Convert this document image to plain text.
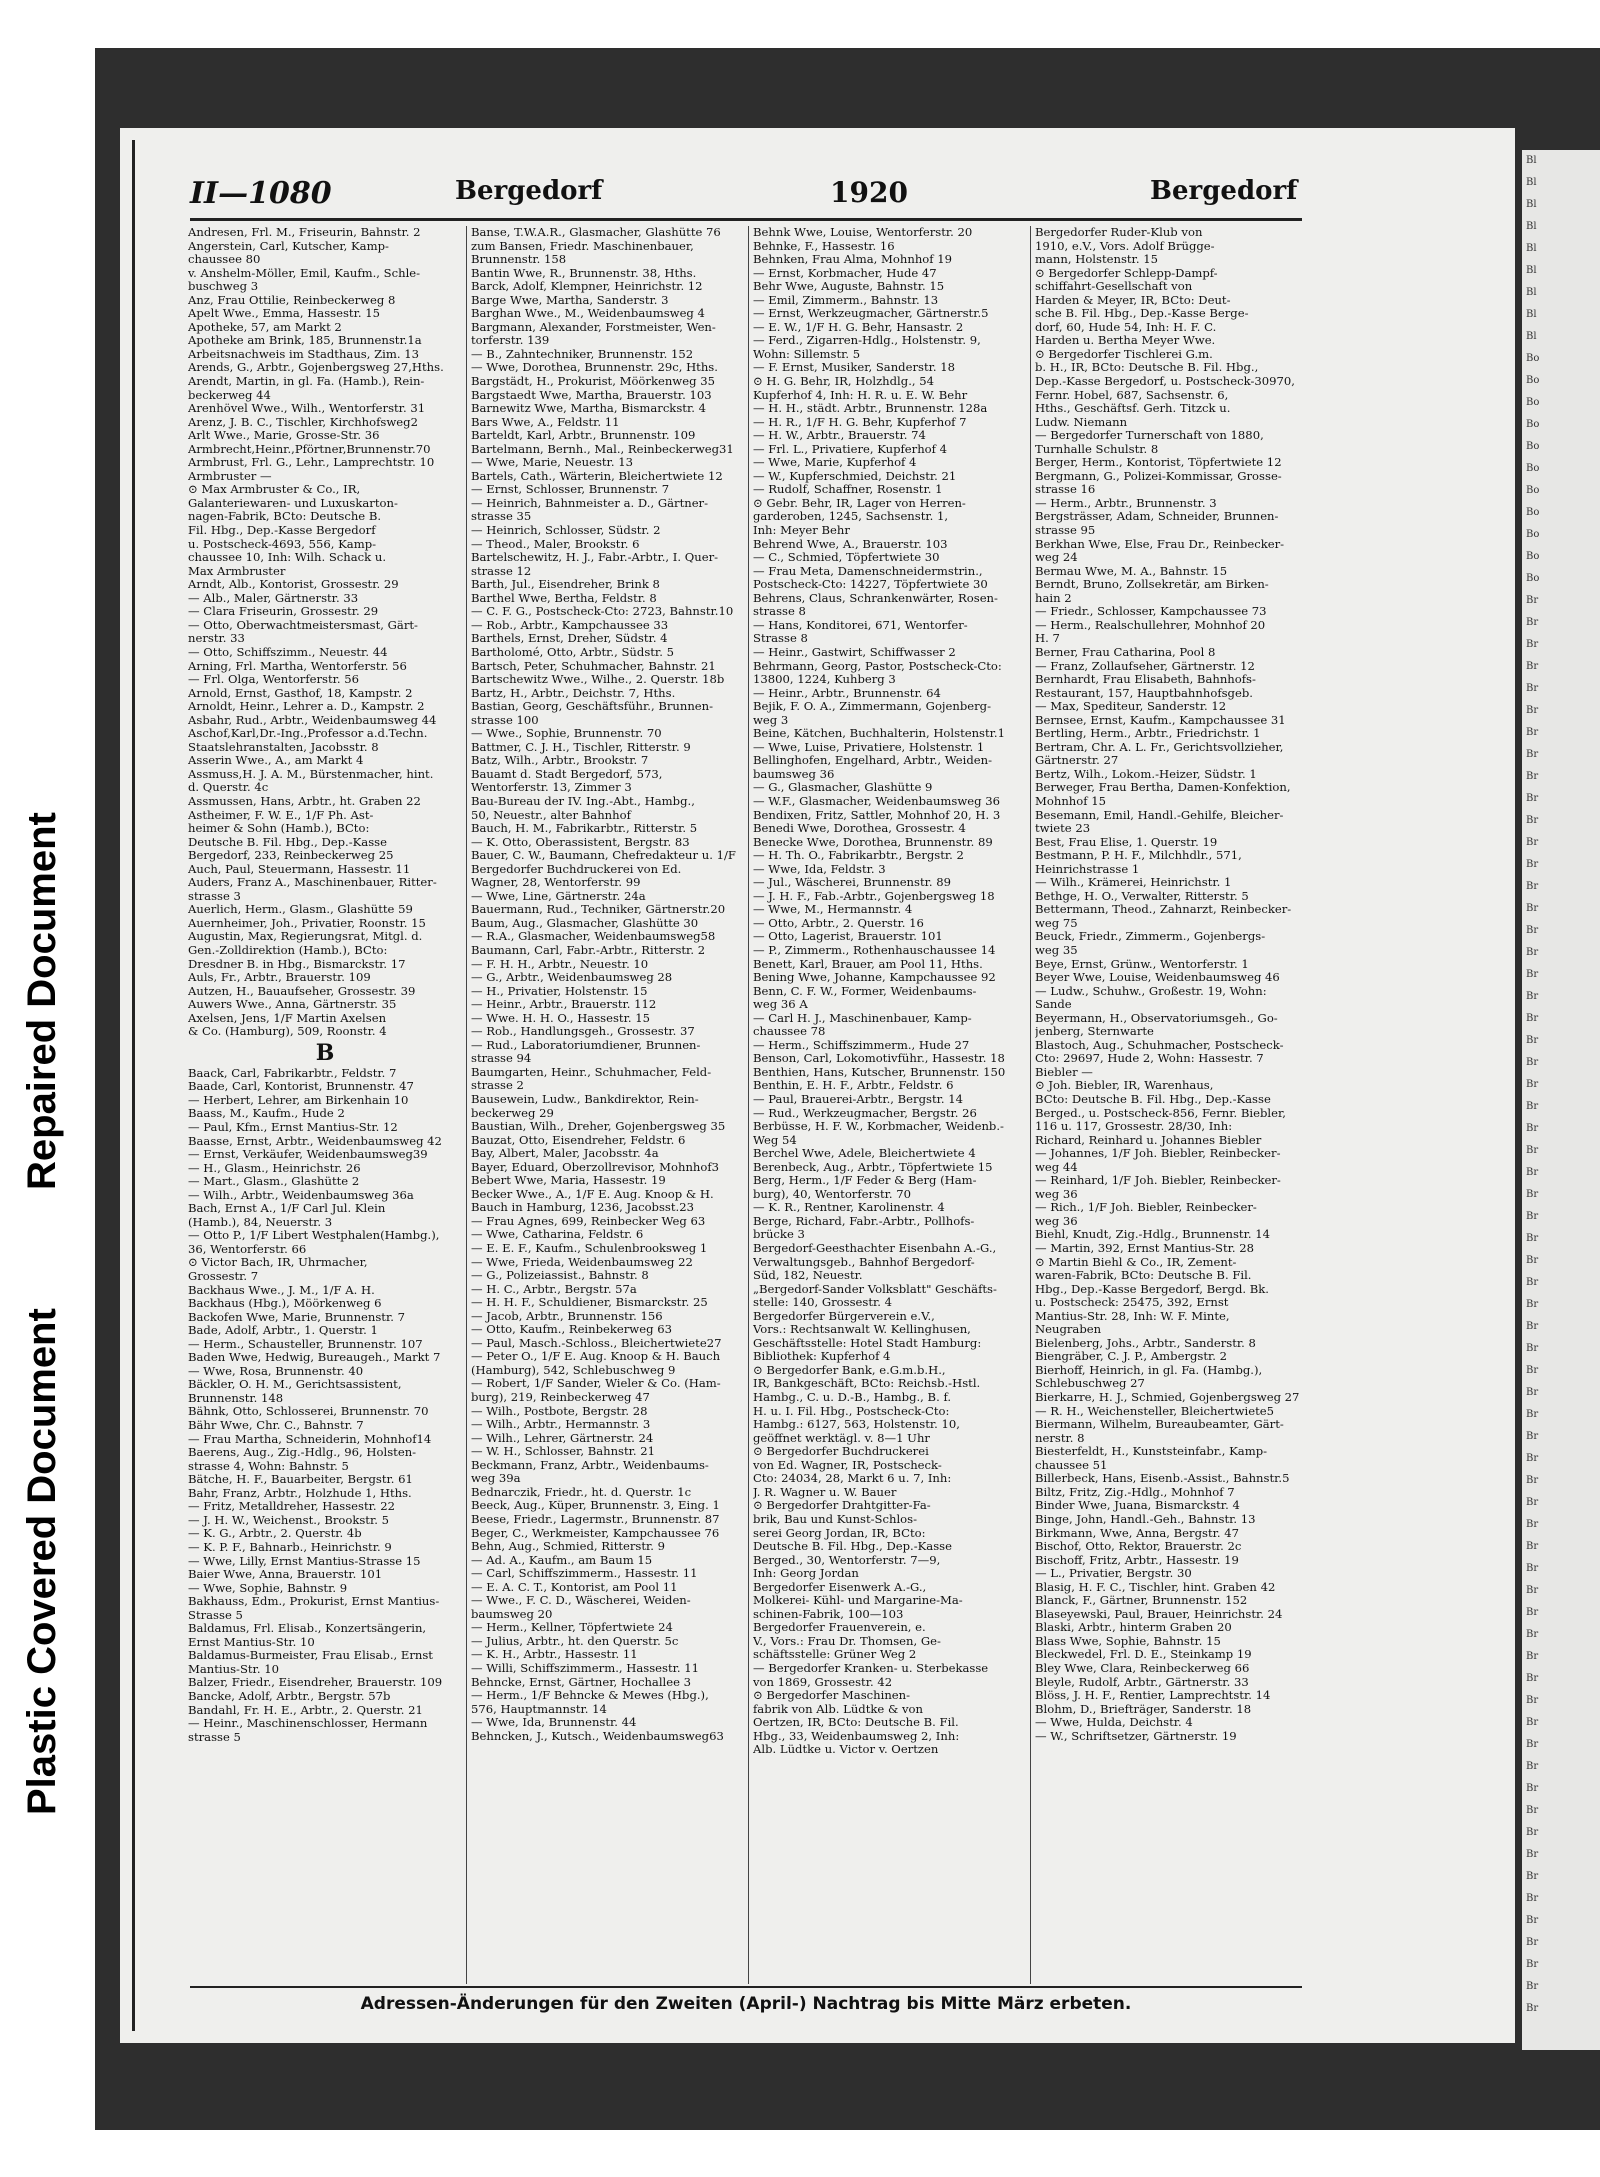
Repaired Document
Plastic Covered Document
Bl
Bl
Bl
Bl
Bl
Bl
Bl
Bl
Bl
Bo
Bo
Bo
Bo
Bo
Bo
Bo
Bo
Bo
Bo
Bo
Br
Br
Br
Br
Br
Br
Br
Br
Br
Br
Br
Br
Br
Br
Br
Br
Br
Br
Br
Br
Br
Br
Br
Br
Br
Br
Br
Br
Br
Br
Br
Br
Br
Br
Br
Br
Br
Br
Br
Br
Br
Br
Br
Br
Br
Br
Br
Br
Br
Br
Br
Br
Br
Br
Br
Br
Br
Br
Br
Br
Br
Br
Br
Br
Br
II—1080	Bergedorf	1920	Bergedorf
Andresen, Frl. M., Friseurin, Bahnstr. 2
Angerstein, Carl, Kutscher, Kamp-
chaussee 80
v. Anshelm-Möller, Emil, Kaufm., Schle-
buschweg 3
Anz, Frau Ottilie, Reinbeckerweg 8
Apelt Wwe., Emma, Hassestr. 15
Apotheke, 57, am Markt 2
Apotheke am Brink, 185, Brunnenstr.1a
Arbeitsnachweis im Stadthaus, Zim. 13
Arends, G., Arbtr., Gojenbergsweg 27,Hths.
Arendt, Martin, in gl. Fa. (Hamb.), Rein-
beckerweg 44
Arenhövel Wwe., Wilh., Wentorferstr. 31
Arenz, J. B. C., Tischler, Kirchhofsweg2
Arlt Wwe., Marie, Grosse-Str. 36
Armbrecht,Heinr.,Pförtner,Brunnenstr.70
Armbrust, Frl. G., Lehr., Lamprechtstr. 10
Armbruster —
⊙ Max Armbruster & Co., IR,
Galanteriewaren- und Luxuskarton-
nagen-Fabrik, BCto: Deutsche B.
Fil. Hbg., Dep.-Kasse Bergedorf
u. Postscheck-4693, 556, Kamp-
chaussee 10, Inh: Wilh. Schack u.
Max Armbruster
Arndt, Alb., Kontorist, Grossestr. 29
— Alb., Maler, Gärtnerstr. 33
— Clara Friseurin, Grossestr. 29
— Otto, Oberwachtmeistersmast, Gärt-
nerstr. 33
— Otto, Schiffszimm., Neuestr. 44
Arning, Frl. Martha, Wentorferstr. 56
— Frl. Olga, Wentorferstr. 56
Arnold, Ernst, Gasthof, 18, Kampstr. 2
Arnoldt, Heinr., Lehrer a. D., Kampstr. 2
Asbahr, Rud., Arbtr., Weidenbaumsweg 44
Aschof,Karl,Dr.-Ing.,Professor a.d.Techn.
Staatslehranstalten, Jacobsstr. 8
Asserin Wwe., A., am Markt 4
Assmuss,H. J. A. M., Bürstenmacher, hint.
d. Querstr. 4c
Assmussen, Hans, Arbtr., ht. Graben 22
Astheimer, F. W. E., 1/F Ph. Ast-
heimer & Sohn (Hamb.), BCto:
Deutsche B. Fil. Hbg., Dep.-Kasse
Bergedorf, 233, Reinbeckerweg 25
Auch, Paul, Steuermann, Hassestr. 11
Auders, Franz A., Maschinenbauer, Ritter-
strasse 3
Auerlich, Herm., Glasm., Glashütte 59
Auernheimer, Joh., Privatier, Roonstr. 15
Augustin, Max, Regierungsrat, Mitgl. d.
Gen.-Zolldirektion (Hamb.), BCto:
Dresdner B. in Hbg., Bismarckstr. 17
Auls, Fr., Arbtr., Brauerstr. 109
Autzen, H., Bauaufseher, Grossestr. 39
Auwers Wwe., Anna, Gärtnerstr. 35
Axelsen, Jens, 1/F Martin Axelsen
& Co. (Hamburg), 509, Roonstr. 4
B
Baack, Carl, Fabrikarbtr., Feldstr. 7
Baade, Carl, Kontorist, Brunnenstr. 47
— Herbert, Lehrer, am Birkenhain 10
Baass, M., Kaufm., Hude 2
— Paul, Kfm., Ernst Mantius-Str. 12
Baasse, Ernst, Arbtr., Weidenbaumsweg 42
— Ernst, Verkäufer, Weidenbaumsweg39
— H., Glasm., Heinrichstr. 26
— Mart., Glasm., Glashütte 2
— Wilh., Arbtr., Weidenbaumsweg 36a
Bach, Ernst A., 1/F Carl Jul. Klein
(Hamb.), 84, Neuerstr. 3
— Otto P., 1/F Libert Westphalen(Hambg.),
36, Wentorferstr. 66
⊙ Victor Bach, IR, Uhrmacher,
Grossestr. 7
Backhaus Wwe., J. M., 1/F A. H.
Backhaus (Hbg.), Möörkenweg 6
Backofen Wwe, Marie, Brunnenstr. 7
Bade, Adolf, Arbtr., 1. Querstr. 1
— Herm., Schausteller, Brunnenstr. 107
Baden Wwe, Hedwig, Bureaugeh., Markt 7
— Wwe, Rosa, Brunnenstr. 40
Bäckler, O. H. M., Gerichtsassistent,
Brunnenstr. 148
Bähnk, Otto, Schlosserei, Brunnenstr. 70
Bähr Wwe, Chr. C., Bahnstr. 7
— Frau Martha, Schneiderin, Mohnhof14
Baerens, Aug., Zig.-Hdlg., 96, Holsten-
strasse 4, Wohn: Bahnstr. 5
Bätche, H. F., Bauarbeiter, Bergstr. 61
Bahr, Franz, Arbtr., Holzhude 1, Hths.
— Fritz, Metalldreher, Hassestr. 22
— J. H. W., Weichenst., Brookstr. 5
— K. G., Arbtr., 2. Querstr. 4b
— K. P. F., Bahnarb., Heinrichstr. 9
— Wwe, Lilly, Ernst Mantius-Strasse 15
Baier Wwe, Anna, Brauerstr. 101
— Wwe, Sophie, Bahnstr. 9
Bakhauss, Edm., Prokurist, Ernst Mantius-
Strasse 5
Baldamus, Frl. Elisab., Konzertsängerin,
Ernst Mantius-Str. 10
Baldamus-Burmeister, Frau Elisab., Ernst
Mantius-Str. 10
Balzer, Friedr., Eisendreher, Brauerstr. 109
Bancke, Adolf, Arbtr., Bergstr. 57b
Bandahl, Fr. H. E., Arbtr., 2. Querstr. 21
— Heinr., Maschinenschlosser, Hermann
strasse 5
Banse, T.W.A.R., Glasmacher, Glashütte 76
zum Bansen, Friedr. Maschinenbauer,
Brunnenstr. 158
Bantin Wwe, R., Brunnenstr. 38, Hths.
Barck, Adolf, Klempner, Heinrichstr. 12
Barge Wwe, Martha, Sanderstr. 3
Barghan Wwe., M., Weidenbaumsweg 4
Bargmann, Alexander, Forstmeister, Wen-
torferstr. 139
— B., Zahntechniker, Brunnenstr. 152
— Wwe, Dorothea, Brunnenstr. 29c, Hths.
Bargstädt, H., Prokurist, Möörkenweg 35
Bargstaedt Wwe, Martha, Brauerstr. 103
Barnewitz Wwe, Martha, Bismarckstr. 4
Bars Wwe, A., Feldstr. 11
Barteldt, Karl, Arbtr., Brunnenstr. 109
Bartelmann, Bernh., Mal., Reinbeckerweg31
— Wwe, Marie, Neuestr. 13
Bartels, Cath., Wärterin, Bleichertwiete 12
— Ernst, Schlosser, Brunnenstr. 7
— Heinrich, Bahnmeister a. D., Gärtner-
strasse 35
— Heinrich, Schlosser, Südstr. 2
— Theod., Maler, Brookstr. 6
Bartelschewitz, H. J., Fabr.-Arbtr., I. Quer-
strasse 12
Barth, Jul., Eisendreher, Brink 8
Barthel Wwe, Bertha, Feldstr. 8
— C. F. G., Postscheck-Cto: 2723, Bahnstr.10
— Rob., Arbtr., Kampchaussee 33
Barthels, Ernst, Dreher, Südstr. 4
Bartholomé, Otto, Arbtr., Südstr. 5
Bartsch, Peter, Schuhmacher, Bahnstr. 21
Bartschewitz Wwe., Wilhe., 2. Querstr. 18b
Bartz, H., Arbtr., Deichstr. 7, Hths.
Bastian, Georg, Geschäftsführ., Brunnen-
strasse 100
— Wwe., Sophie, Brunnenstr. 70
Battmer, C. J. H., Tischler, Ritterstr. 9
Batz, Wilh., Arbtr., Brookstr. 7
Bauamt d. Stadt Bergedorf, 573,
Wentorferstr. 13, Zimmer 3
Bau-Bureau der IV. Ing.-Abt., Hambg.,
50, Neuestr., alter Bahnhof
Bauch, H. M., Fabrikarbtr., Ritterstr. 5
— K. Otto, Oberassistent, Bergstr. 83
Bauer, C. W., Baumann, Chefredakteur u. 1/F
Bergedorfer Buchdruckerei von Ed.
Wagner, 28, Wentorferstr. 99
— Wwe, Line, Gärtnerstr. 24a
Bauermann, Rud., Techniker, Gärtnerstr.20
Baum, Aug., Glasmacher, Glashütte 30
— R.A., Glasmacher, Weidenbaumsweg58
Baumann, Carl, Fabr.-Arbtr., Ritterstr. 2
— F. H. H., Arbtr., Neuestr. 10
— G., Arbtr., Weidenbaumsweg 28
— H., Privatier, Holstenstr. 15
— Heinr., Arbtr., Brauerstr. 112
— Wwe. H. H. O., Hassestr. 15
— Rob., Handlungsgeh., Grossestr. 37
— Rud., Laboratoriumdiener, Brunnen-
strasse 94
Baumgarten, Heinr., Schuhmacher, Feld-
strasse 2
Bausewein, Ludw., Bankdirektor, Rein-
beckerweg 29
Baustian, Wilh., Dreher, Gojenbergsweg 35
Bauzat, Otto, Eisendreher, Feldstr. 6
Bay, Albert, Maler, Jacobsstr. 4a
Bayer, Eduard, Oberzollrevisor, Mohnhof3
Bebert Wwe, Maria, Hassestr. 19
Becker Wwe., A., 1/F E. Aug. Knoop & H.
Bauch in Hamburg, 1236, Jacobsst.23
— Frau Agnes, 699, Reinbecker Weg 63
— Wwe, Catharina, Feldstr. 6
— E. E. F., Kaufm., Schulenbrooksweg 1
— Wwe, Frieda, Weidenbaumsweg 22
— G., Polizeiassist., Bahnstr. 8
— H. C., Arbtr., Bergstr. 57a
— H. H. F., Schuldiener, Bismarckstr. 25
— Jacob, Arbtr., Brunnenstr. 156
— Otto, Kaufm., Reinbekerweg 63
— Paul, Masch.-Schloss., Bleichertwiete27
— Peter O., 1/F E. Aug. Knoop & H. Bauch
(Hamburg), 542, Schlebuschweg 9
— Robert, 1/F Sander, Wieler & Co. (Ham-
burg), 219, Reinbeckerweg 47
— Wilh., Postbote, Bergstr. 28
— Wilh., Arbtr., Hermannstr. 3
— Wilh., Lehrer, Gärtnerstr. 24
— W. H., Schlosser, Bahnstr. 21
Beckmann, Franz, Arbtr., Weidenbaums-
weg 39a
Bednarczik, Friedr., ht. d. Querstr. 1c
Beeck, Aug., Küper, Brunnenstr. 3, Eing. 1
Beese, Friedr., Lagermstr., Brunnenstr. 87
Beger, C., Werkmeister, Kampchaussee 76
Behn, Aug., Schmied, Ritterstr. 9
— Ad. A., Kaufm., am Baum 15
— Carl, Schiffszimmerm., Hassestr. 11
— E. A. C. T., Kontorist, am Pool 11
— Wwe., F. C. D., Wäscherei, Weiden-
baumsweg 20
— Herm., Kellner, Töpfertwiete 24
— Julius, Arbtr., ht. den Querstr. 5c
— K. H., Arbtr., Hassestr. 11
— Willi, Schiffszimmerm., Hassestr. 11
Behncke, Ernst, Gärtner, Hochallee 3
— Herm., 1/F Behncke & Mewes (Hbg.),
576, Hauptmannstr. 14
— Wwe, Ida, Brunnenstr. 44
Behncken, J., Kutsch., Weidenbaumsweg63
Behnk Wwe, Louise, Wentorferstr. 20
Behnke, F., Hassestr. 16
Behnken, Frau Alma, Mohnhof 19
— Ernst, Korbmacher, Hude 47
Behr Wwe, Auguste, Bahnstr. 15
— Emil, Zimmerm., Bahnstr. 13
— Ernst, Werkzeugmacher, Gärtnerstr.5
— E. W., 1/F H. G. Behr, Hansastr. 2
— Ferd., Zigarren-Hdlg., Holstenstr. 9,
Wohn: Sillemstr. 5
— F. Ernst, Musiker, Sanderstr. 18
⊙ H. G. Behr, IR, Holzhdlg., 54
Kupferhof 4, Inh: H. R. u. E. W. Behr
— H. H., städt. Arbtr., Brunnenstr. 128a
— H. R., 1/F H. G. Behr, Kupferhof 7
— H. W., Arbtr., Brauerstr. 74
— Frl. L., Privatiere, Kupferhof 4
— Wwe, Marie, Kupferhof 4
— W., Kupferschmied, Deichstr. 21
— Rudolf, Schaffner, Rosenstr. 1
⊙ Gebr. Behr, IR, Lager von Herren-
garderoben, 1245, Sachsenstr. 1,
Inh: Meyer Behr
Behrend Wwe, A., Brauerstr. 103
— C., Schmied, Töpfertwiete 30
— Frau Meta, Damenschneidermstrin.,
Postscheck-Cto: 14227, Töpfertwiete 30
Behrens, Claus, Schrankenwärter, Rosen-
strasse 8
— Hans, Konditorei, 671, Wentorfer-
Strasse 8
— Heinr., Gastwirt, Schiffwasser 2
Behrmann, Georg, Pastor, Postscheck-Cto:
13800, 1224, Kuhberg 3
— Heinr., Arbtr., Brunnenstr. 64
Bejik, F. O. A., Zimmermann, Gojenberg-
weg 3
Beine, Kätchen, Buchhalterin, Holstenstr.1
— Wwe, Luise, Privatiere, Holstenstr. 1
Bellinghofen, Engelhard, Arbtr., Weiden-
baumsweg 36
— G., Glasmacher, Glashütte 9
— W.F., Glasmacher, Weidenbaumsweg 36
Bendixen, Fritz, Sattler, Mohnhof 20, H. 3
Benedi Wwe, Dorothea, Grossestr. 4
Benecke Wwe, Dorothea, Brunnenstr. 89
— H. Th. O., Fabrikarbtr., Bergstr. 2
— Wwe, Ida, Feldstr. 3
— Jul., Wäscherei, Brunnenstr. 89
— J. H. F., Fab.-Arbtr., Gojenbergsweg 18
— Wwe, M., Hermannstr. 4
— Otto, Arbtr., 2. Querstr. 16
— Otto, Lagerist, Brauerstr. 101
— P., Zimmerm., Rothenhauschaussee 14
Benett, Karl, Brauer, am Pool 11, Hths.
Bening Wwe, Johanne, Kampchaussee 92
Benn, C. F. W., Former, Weidenbaums-
weg 36 A
— Carl H. J., Maschinenbauer, Kamp-
chaussee 78
— Herm., Schiffszimmerm., Hude 27
Benson, Carl, Lokomotivführ., Hassestr. 18
Benthien, Hans, Kutscher, Brunnenstr. 150
Benthin, E. H. F., Arbtr., Feldstr. 6
— Paul, Brauerei-Arbtr., Bergstr. 14
— Rud., Werkzeugmacher, Bergstr. 26
Berbüsse, H. F. W., Korbmacher, Weidenb.-
Weg 54
Berchel Wwe, Adele, Bleichertwiete 4
Berenbeck, Aug., Arbtr., Töpfertwiete 15
Berg, Herm., 1/F Feder & Berg (Ham-
burg), 40, Wentorferstr. 70
— K. R., Rentner, Karolinenstr. 4
Berge, Richard, Fabr.-Arbtr., Pollhofs-
brücke 3
Bergedorf-Geesthachter Eisenbahn A.-G.,
Verwaltungsgeb., Bahnhof Bergedorf-
Süd, 182, Neuestr.
„Bergedorf-Sander Volksblatt" Geschäfts-
stelle: 140, Grossestr. 4
Bergedorfer Bürgerverein e.V.,
Vors.: Rechtsanwalt W. Kellinghusen,
Geschäftsstelle: Hotel Stadt Hamburg:
Bibliothek: Kupferhof 4
⊙ Bergedorfer Bank, e.G.m.b.H.,
IR, Bankgeschäft, BCto: Reichsb.-Hstl.
Hambg., C. u. D.-B., Hambg., B. f.
H. u. I. Fil. Hbg., Postscheck-Cto:
Hambg.: 6127, 563, Holstenstr. 10,
geöffnet werktägl. v. 8—1 Uhr
⊙ Bergedorfer Buchdruckerei
von Ed. Wagner, IR, Postscheck-
Cto: 24034, 28, Markt 6 u. 7, Inh:
J. R. Wagner u. W. Bauer
⊙ Bergedorfer Drahtgitter-Fa-
brik, Bau und Kunst-Schlos-
serei Georg Jordan, IR, BCto:
Deutsche B. Fil. Hbg., Dep.-Kasse
Berged., 30, Wentorferstr. 7—9,
Inh: Georg Jordan
Bergedorfer Eisenwerk A.-G.,
Molkerei- Kühl- und Margarine-Ma-
schinen-Fabrik, 100—103
Bergedorfer Frauenverein, e.
V., Vors.: Frau Dr. Thomsen, Ge-
schäftsstelle: Grüner Weg 2
— Bergedorfer Kranken- u. Sterbekasse
von 1869, Grossestr. 42
⊙ Bergedorfer Maschinen-
fabrik von Alb. Lüdtke & von
Oertzen, IR, BCto: Deutsche B. Fil.
Hbg., 33, Weidenbaumsweg 2, Inh:
Alb. Lüdtke u. Victor v. Oertzen
Bergedorfer Ruder-Klub von
1910, e.V., Vors. Adolf Brügge-
mann, Holstenstr. 15
⊙ Bergedorfer Schlepp-Dampf-
schiffahrt-Gesellschaft von
Harden & Meyer, IR, BCto: Deut-
sche B. Fil. Hbg., Dep.-Kasse Berge-
dorf, 60, Hude 54, Inh: H. F. C.
Harden u. Bertha Meyer Wwe.
⊙ Bergedorfer Tischlerei G.m.
b. H., IR, BCto: Deutsche B. Fil. Hbg.,
Dep.-Kasse Bergedorf, u. Postscheck-30970,
Fernr. Hobel, 687, Sachsenstr. 6,
Hths., Geschäftsf. Gerh. Titzck u.
Ludw. Niemann
— Bergedorfer Turnerschaft von 1880,
Turnhalle Schulstr. 8
Berger, Herm., Kontorist, Töpfertwiete 12
Bergmann, G., Polizei-Kommissar, Grosse-
strasse 16
— Herm., Arbtr., Brunnenstr. 3
Bergsträsser, Adam, Schneider, Brunnen-
strasse 95
Berkhan Wwe, Else, Frau Dr., Reinbecker-
weg 24
Bermau Wwe, M. A., Bahnstr. 15
Berndt, Bruno, Zollsekretär, am Birken-
hain 2
— Friedr., Schlosser, Kampchaussee 73
— Herm., Realschullehrer, Mohnhof 20
H. 7
Berner, Frau Catharina, Pool 8
— Franz, Zollaufseher, Gärtnerstr. 12
Bernhardt, Frau Elisabeth, Bahnhofs-
Restaurant, 157, Hauptbahnhofsgeb.
— Max, Spediteur, Sanderstr. 12
Bernsee, Ernst, Kaufm., Kampchaussee 31
Bertling, Herm., Arbtr., Friedrichstr. 1
Bertram, Chr. A. L. Fr., Gerichtsvollzieher,
Gärtnerstr. 27
Bertz, Wilh., Lokom.-Heizer, Südstr. 1
Berweger, Frau Bertha, Damen-Konfektion,
Mohnhof 15
Besemann, Emil, Handl.-Gehilfe, Bleicher-
twiete 23
Best, Frau Elise, 1. Querstr. 19
Bestmann, P. H. F., Milchhdlr., 571,
Heinrichstrasse 1
— Wilh., Krämerei, Heinrichstr. 1
Bethge, H. O., Verwalter, Ritterstr. 5
Bettermann, Theod., Zahnarzt, Reinbecker-
weg 75
Beuck, Friedr., Zimmerm., Gojenbergs-
weg 35
Beye, Ernst, Grünw., Wentorferstr. 1
Beyer Wwe, Louise, Weidenbaumsweg 46
— Ludw., Schuhw., Großestr. 19, Wohn:
Sande
Beyermann, H., Observatoriumsgeh., Go-
jenberg, Sternwarte
Blastoch, Aug., Schuhmacher, Postscheck-
Cto: 29697, Hude 2, Wohn: Hassestr. 7
Biebler —
⊙ Joh. Biebler, IR, Warenhaus,
BCto: Deutsche B. Fil. Hbg., Dep.-Kasse
Berged., u. Postscheck-856, Fernr. Biebler,
116 u. 117, Grossestr. 28/30, Inh:
Richard, Reinhard u. Johannes Biebler
— Johannes, 1/F Joh. Biebler, Reinbecker-
weg 44
— Reinhard, 1/F Joh. Biebler, Reinbecker-
weg 36
— Rich., 1/F Joh. Biebler, Reinbecker-
weg 36
Biehl, Knudt, Zig.-Hdlg., Brunnenstr. 14
— Martin, 392, Ernst Mantius-Str. 28
⊙ Martin Biehl & Co., IR, Zement-
waren-Fabrik, BCto: Deutsche B. Fil.
Hbg., Dep.-Kasse Bergedorf, Bergd. Bk.
u. Postscheck: 25475, 392, Ernst
Mantius-Str. 28, Inh: W. F. Minte,
Neugraben
Bielenberg, Johs., Arbtr., Sanderstr. 8
Biengräber, C. J. P., Ambergstr. 2
Bierhoff, Heinrich, in gl. Fa. (Hambg.),
Schlebuschweg 27
Bierkarre, H. J., Schmied, Gojenbergsweg 27
— R. H., Weichensteller, Bleichertwiete5
Biermann, Wilhelm, Bureaubeamter, Gärt-
nerstr. 8
Biesterfeldt, H., Kunststeinfabr., Kamp-
chaussee 51
Billerbeck, Hans, Eisenb.-Assist., Bahnstr.5
Biltz, Fritz, Zig.-Hdlg., Mohnhof 7
Binder Wwe, Juana, Bismarckstr. 4
Binge, John, Handl.-Geh., Bahnstr. 13
Birkmann, Wwe, Anna, Bergstr. 47
Bischof, Otto, Rektor, Brauerstr. 2c
Bischoff, Fritz, Arbtr., Hassestr. 19
— L., Privatier, Bergstr. 30
Blasig, H. F. C., Tischler, hint. Graben 42
Blanck, F., Gärtner, Brunnenstr. 152
Blaseyewski, Paul, Brauer, Heinrichstr. 24
Blaski, Arbtr., hinterm Graben 20
Blass Wwe, Sophie, Bahnstr. 15
Bleckwedel, Frl. D. E., Steinkamp 19
Bley Wwe, Clara, Reinbeckerweg 66
Bleyle, Rudolf, Arbtr., Gärtnerstr. 33
Blöss, J. H. F., Rentier, Lamprechtstr. 14
Blohm, D., Briefträger, Sanderstr. 18
— Wwe, Hulda, Deichstr. 4
— W., Schriftsetzer, Gärtnerstr. 19
Adressen-Änderungen für den Zweiten (April-) Nachtrag bis Mitte März erbeten.
